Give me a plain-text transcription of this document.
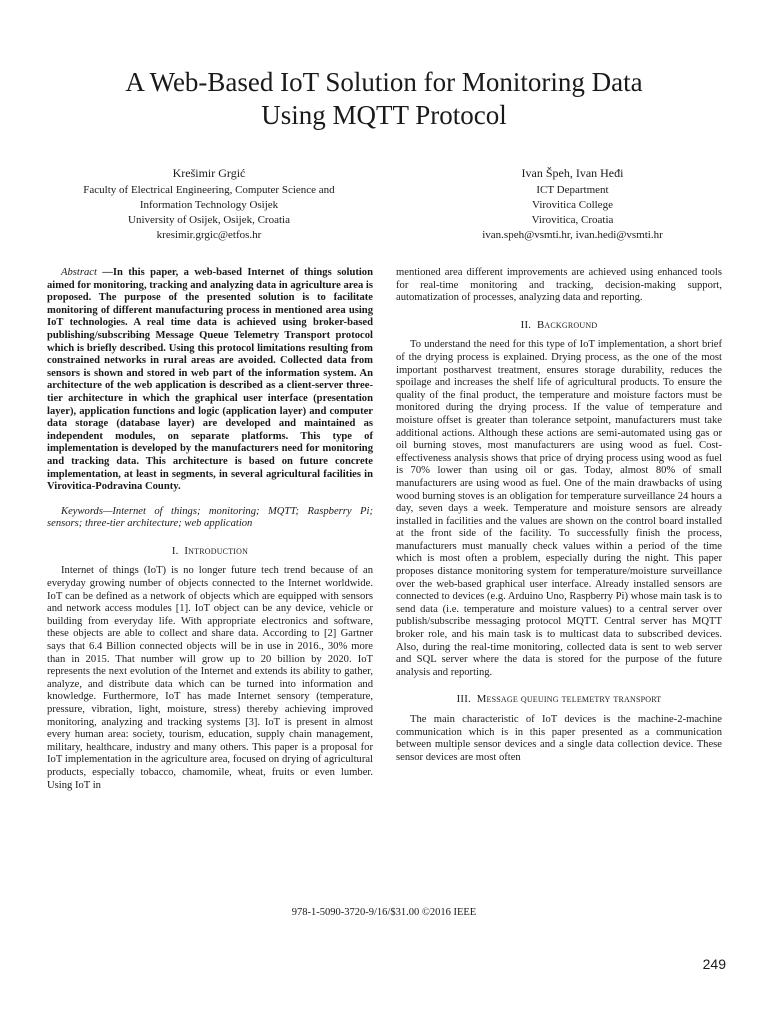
A Web-Based IoT Solution for Monitoring Data
Using MQTT Protocol
Krešimir Grgić
Faculty of Electrical Engineering, Computer Science and
Information Technology Osijek
University of Osijek, Osijek, Croatia
kresimir.grgic@etfos.hr
Ivan Špeh, Ivan Heđi
ICT Department
Virovitica College
Virovitica, Croatia
ivan.speh@vsmti.hr, ivan.hedi@vsmti.hr

Abstract —In this paper, a web-based Internet of things solution aimed for monitoring, tracking and analyzing data in agriculture area is proposed. The purpose of the presented solution is to facilitate monitoring of different manufacturing process in mentioned area using IoT technologies. A real time data is achieved using broker-based publishing/subscribing Message Queue Telemetry Transport protocol which is briefly described. Using this protocol limitations resulting from constrained networks in rural areas are avoided. Collected data from sensors is shown and stored in web part of the information system. An architecture of the web application is described as a client-server three-tier architecture in which the graphical user interface (presentation layer), application functions and logic (application layer) and computer data storage (database layer) are developed and maintained as independent modules, on separate platforms. This type of implementation is developed by the manufacturers need for monitoring and tracking data. This architecture is based on future concrete implementation, at least in segments, in several agricultural facilities in Virovitica-Podravina County.

Keywords—Internet of things; monitoring; MQTT; Raspberry Pi; sensors; three-tier architecture; web application

I. Introduction

Internet of things (IoT) is no longer future tech trend because of an everyday growing number of objects connected to the Internet worldwide. IoT can be defined as a network of objects which are equipped with sensors and network access modules [1]. IoT object can be any device, vehicle or building from everyday life. With appropriate electronics and software, these objects are able to collect and share data. According to [2] Gartner says that 6.4 Billion connected objects will be in use in 2016., 30% more than in 2015. That number will grow up to 20 billion by 2020. IoT represents the next evolution of the Internet and extends its ability to gather, analyze, and distribute data which can be turned into information and knowledge. Furthermore, IoT has made Internet sensory (temperature, pressure, vibration, light, moisture, stress) thereby achieving improved monitoring, analyzing and tracking systems [3]. IoT is present in almost every human area: society, tourism, education, supply chain management, military, healthcare, industry and many others. This paper is a proposal for IoT implementation in the agriculture area, focused on drying of agricultural products, especially tobacco, chamomile, wheat, fruits or even lumber. Using IoT in

mentioned area different improvements are achieved using enhanced tools for real-time monitoring and tracking, decision-making support, automatization of processes, analyzing data and reporting.

II. Background

To understand the need for this type of IoT implementation, a short brief of the drying process is explained. Drying process, as the one of the most important postharvest treatment, ensures storage durability, reduces the spoilage and increases the shelf life of agricultural products. To ensure the quality of the final product, the temperature and moisture factors must be monitored during the drying process. If the value of temperature and moisture offset is greater than tolerance setpoint, manufacturers must take additional actions. Although these actions are semi-automated using gas or oil burning stoves, most manufacturers are using wood as fuel. Cost-effectiveness analysis shows that price of drying process using wood as fuel is 70% lower than using oil or gas. Today, almost 80% of small manufacturers are using wood as fuel. One of the main drawbacks of using wood burning stoves is an obligation for temperature surveillance 24 hours a day, seven days a week. Temperature and moisture sensors are already installed in facilities and the values are shown on the control board installed at the front side of the facility. To successfully finish the process, manufacturers must manually check values within a period of the time which is most often a problem, especially during the night. This paper proposes distance monitoring system for temperature/moisture surveillance over the web-based graphical user interface. Already installed sensors are connected to devices (e.g. Arduino Uno, Raspberry Pi) whose main task is to send data (i.e. temperature and moisture values) to a central server over publish/subscribe messaging protocol MQTT. Central server has MQTT broker role, and his main task is to multicast data to subscribed devices. Also, during the real-time monitoring, collected data is sent to web server and SQL server where the data is stored for the purpose of the future analysis and reporting.

III. Message queuing telemetry transport

The main characteristic of IoT devices is the machine-2-machine communication which is in this paper presented as a communication between multiple sensor devices and a single data collection device. These sensor devices are most often

978-1-5090-3720-9/16/$31.00 ©2016 IEEE
249
